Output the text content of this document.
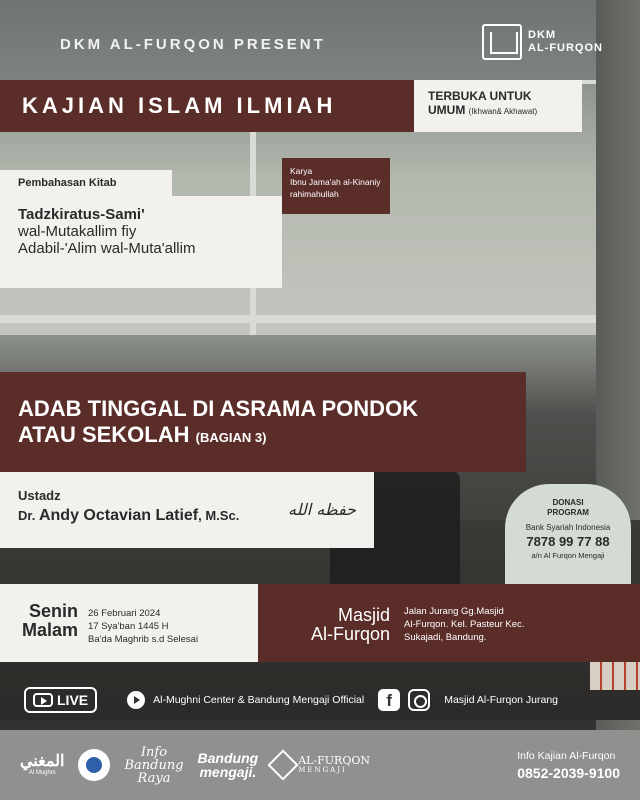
DKM AL-FURQON PRESENT
DKM
AL-FURQON
KAJIAN ISLAM ILMIAH	TERBUKA UNTUK
UMUM (Ikhwan& Akhawat)
Pembahasan Kitab
Karya
Ibnu Jama'ah al-Kinaniy
rahimahullah
Tadzkiratus-Sami'
wal-Mutakallim fiy
Adabil-'Alim wal-Muta'allim
ADAB TINGGAL DI ASRAMA PONDOK
ATAU SEKOLAH (BAGIAN 3)
Ustadz
Dr. Andy Octavian Latief, M.Sc.	حفظه الله	DONASI
PROGRAM
Bank Syariah Indonesia
7878 99 77 88
a/n Al Furqon Mengaji
Senin
Malam
26 Februari 2024
17 Sya'ban 1445 H
Ba'da Maghrib s.d Selesai
Masjid
Al-Furqon
Jalan Jurang Gg.Masjid
Al-Furqon. Kel. Pasteur Kec.
Sukajadi, Bandung.
LIVE	Al-Mughni Center & Bandung Mengaji Official	f	Masjid Al-Furqon Jurang
المغني
Al Mughni
Info
Bandung
Raya
Bandung
mengaji.
AL-FURQON
MENGAJI
Info Kajian Al-Furqon
0852-2039-9100
